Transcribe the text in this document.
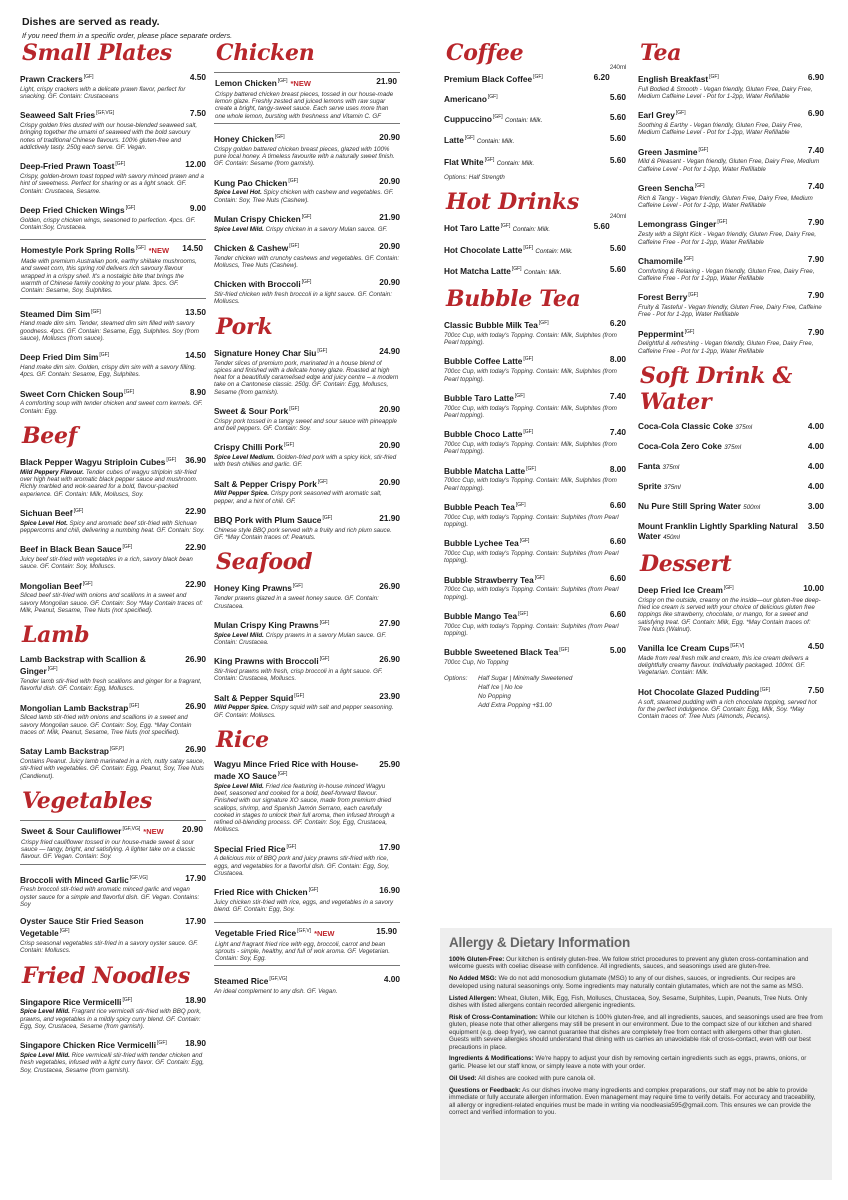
Dishes are served as ready.
If you need them in a specific order, please place separate orders.
Small Plates
Prawn Crackers[GF]	4.50
Light, crispy crackers with a delicate prawn flavor, perfect for snacking. GF. Contain: Crustaceans
Seaweed Salt Fries[GF,VG]	7.50
Crispy golden fries dusted with our house-blended seaweed salt, bringing together the umami of seaweed with the bold savoury notes of traditional Chinese flavours. 100% gluten-free and addictively tasty. 250g each serve. GF. Vegan.
Deep-Fried Prawn Toast[GF]	12.00
Crispy, golden-brown toast topped with savory minced prawn and a hint of sweetness. Perfect for sharing or as a light snack. GF. Contain: Crustacea, Sesame.
Deep Fried Chicken Wings[GF]	9.00
Golden, crispy chicken wings, seasoned to perfection. 4pcs. GF. Contain:Soy, Crustacea.
Homestyle Pork Spring Rolls[GF] *NEW	14.50
Made with premium Australian pork, earthy shiitake mushrooms, and sweet corn, this spring roll delivers rich savoury flavour wrapped in a crispy shell. It's a nostalgic bite that brings the warmth of Chinese family cooking to your plate. 3pcs. GF. Contain: Sesame, Soy, Sulphites.
Steamed Dim Sim[GF]	13.50
Hand made dim sim. Tender, steamed dim sim filled with savory goodness. 4pcs. GF. Contain: Sesame, Egg, Sulphites. Soy (from sauce), Molluscs (from sauce).
Deep Fried Dim Sim[GF]	14.50
Hand make dim sim. Golden, crispy dim sim with a savory filling. 4pcs. GF. Contain: Sesame, Egg, Sulphites.
Sweet Corn Chicken Soup[GF]	8.90
A comforting soup with tender chicken and sweet corn kernels. GF. Contain: Egg.
Beef
Black Pepper Wagyu Striploin Cubes[GF]	36.90
Mild Peppery Flavour. Tender cubes of wagyu striploin stir-fried over high heat with aromatic black pepper sauce and mushroom. Richly marbled and wok-seared for a bold, flavour-packed experience. GF. Contain: Milk, Molluscs, Soy.
Sichuan Beef[GF]	22.90
Spice Level Hot. Spicy and aromatic beef stir-fried with Sichuan peppercorns and chili, delivering a numbing heat. GF. Contain: Soy.
Beef in Black Bean Sauce[GF]	22.90
Juicy beef stir-fried with vegetables in a rich, savory black bean sauce. GF. Contain: Soy, Molluscs.
Mongolian Beef[GF]	22.90
Sliced beef stir-fried with onions and scallions in a sweet and savory Mongolian sauce. GF. Contain: Soy *May Contain traces of: Milk, Peanut, Sesame, Tree Nuts (not specified).
Lamb
Lamb Backstrap with Scallion & Ginger[GF]
26.90
Tender lamb stir-fried with fresh scallions and ginger for a fragrant, flavorful dish. GF. Contain: Egg, Molluscs.
Mongolian Lamb Backstrap[GF]	26.90
Sliced lamb stir-fried with onions and scallions in a sweet and savory Mongolian sauce. GF. Contain: Soy, Egg. *May Contain traces of: Milk, Peanut, Sesame, Tree Nuts (not specified).
Satay Lamb Backstrap[GF,P]	26.90
Contains Peanut. Juicy lamb marinated in a rich, nutty satay sauce, stir-fried with vegetables. GF. Contain: Egg, Peanut, Soy, Tree Nuts (Candlenut).
Vegetables
Sweet & Sour Cauliflower[GF,VG] *NEW	20.90
Crispy fried cauliflower tossed in our house-made sweet & sour sauce — tangy, bright, and satisfying. A lighter take on a classic flavour. GF. Vegan. Contain: Soy.
Broccoli with Minced Garlic[GF,VG]	17.90
Fresh broccoli stir-fried with aromatic minced garlic and vegan oyster sauce for a simple and flavorful dish. GF. Vegan. Contains: Soy
Oyster Sauce Stir Fried Season Vegetable[GF]
17.90
Crisp seasonal vegetables stir-fried in a savory oyster sauce. GF. Contain: Molluscs.
Fried Noodles
Singapore Rice Vermicelli[GF]	18.90
Spice Level Mild. Fragrant rice vermicelli stir-fried with BBQ pork, prawns, and vegetables in a mildly spicy curry blend. GF. Contain: Egg, Soy, Crustacea, Sesame (from garnish).
Singapore Chicken Rice Vermicelli[GF]	18.90
Spice Level Mild. Rice vermicelli stir-fried with tender chicken and fresh vegetables, infused with a light curry flavor. GF. Contain: Egg, Soy, Crustacea, Sesame (from garnish).
Chicken
Lemon Chicken[GF] *NEW	21.90
Crispy battered chicken breast pieces, tossed in our house-made lemon glaze. Freshly zested and juiced lemons with raw sugar create a bright, tangy-sweet sauce. Each serve uses more than one whole lemon, bursting with freshness and Vitamin C. GF
Honey Chicken[GF]	20.90
Crispy golden battered chicken breast pieces, glazed with 100% pure local honey. A timeless favourite with a naturally sweet finish. GF. Contain: Sesame (from garnish).
Kung Pao Chicken[GF]	20.90
Spice Level Hot. Spicy chicken with cashew and vegetables. GF. Contain: Soy, Tree Nuts (Cashew).
Mulan Crispy Chicken[GF]	21.90
Spice Level Mild. Crispy chicken in a savory Mulan sauce. GF.
Chicken & Cashew[GF]	20.90
Tender chicken with crunchy cashews and vegetables. GF. Contain: Molluscs, Tree Nuts (Cashew).
Chicken with Broccoli[GF]	20.90
Stir-fried chicken with fresh broccoli in a light sauce. GF. Contain: Molluscs.
Pork
Signature Honey Char Siu[GF]	24.90
Tender slices of premium pork, marinated in a house blend of spices and finished with a delicate honey glaze. Roasted at high heat for a beautifully caramelised edge and juicy centre – a modern take on a Cantonese classic. 250g. GF. Contain: Egg, Molluscs, Sesame (from garnish).
Sweet & Sour Pork[GF]	20.90
Crispy pork tossed in a tangy sweet and sour sauce with pineapple and bell peppers. GF. Contain: Soy.
Crispy Chilli Pork[GF]	20.90
Spice Level Medium. Golden-fried pork with a spicy kick, stir-fried with fresh chillies and garlic. GF.
Salt & Pepper Crispy Pork[GF]	20.90
Mild Pepper Spice. Crispy pork seasoned with aromatic salt, pepper, and a hint of chili. GF.
BBQ Pork with Plum Sauce[GF]	21.90
Chinese style BBQ pork served with a fruity and rich plum sauce. GF. *May Contain traces of: Peanuts.
Seafood
Honey King Prawns[GF]	26.90
Tender prawns glazed in a sweet honey sauce. GF. Contain: Crustacea.
Mulan Crispy King Prawns[GF]	27.90
Spice Level Mild. Crispy prawns in a savory Mulan sauce. GF. Contain: Crustacea.
King Prawns with Broccoli[GF]	26.90
Stir-fried prawns with fresh, crisp broccoli in a light sauce. GF. Contain: Crustacea, Molluscs.
Salt & Pepper Squid[GF]	23.90
Mild Pepper Spice. Crispy squid with salt and pepper seasoning. GF. Contain: Molluscs.
Rice
Wagyu Mince Fried Rice with House-made XO Sauce[GF]
25.90
Spice Level Mild. Fried rice featuring in-house minced Wagyu beef, seasoned and cooked for a bold, beef-forward flavour. Finished with our signature XO sauce, made from premium dried scallops, shrimp, and Spanish Jamón Serrano, each carefully cooked in stages to unlock their full aroma, then infused through a refined oil-blending process. GF. Contain: Soy, Egg, Crustacea, Molluscs.
Special Fried Rice[GF]	17.90
A delicious mix of BBQ pork and juicy prawns stir-fried with rice, eggs, and vegetables for a flavorful dish. GF. Contain: Egg, Soy, Crustacea.
Fried Rice with Chicken[GF]	16.90
Juicy chicken stir-fried with rice, eggs, and vegetables in a savory blend. GF. Contain: Egg, Soy.
Vegetable Fried Rice[GF,V] *NEW	15.90
Light and fragrant fried rice with egg, broccoli, carrot and bean sprouts - simple, healthy, and full of wok aroma. GF. Vegetarian. Contain: Soy, Egg.
Steamed Rice[GF,VG]	4.00
An ideal complement to any dish. GF. Vegan.
Coffee
240ml
Premium Black Coffee[GF]	6.20
Americano[GF]	5.60
Cuppuccino[GF] Contain: Milk.	5.60
Latte[GF] Contain: Milk.	5.60
Flat White[GF] Contain: Milk.	5.60
Options: Half Strength
Hot Drinks
240ml
Hot Taro Latte[GF] Contain: Milk.	5.60
Hot Chocolate Latte[GF] Contain: Milk.	5.60
Hot Matcha Latte[GF] Contain: Milk.	5.60
Bubble Tea
Classic Bubble Milk Tea[GF]	6.20
700cc Cup, with today's Topping. Contain: Milk, Sulphites (from Pearl topping).
Bubble Coffee Latte[GF]	8.00
700cc Cup, with today's Topping. Contain: Milk, Sulphites (from Pearl topping).
Bubble Taro Latte[GF]	7.40
700cc Cup, with today's Topping. Contain: Milk, Sulphites (from Pearl topping).
Bubble Choco Latte[GF]	7.40
700cc Cup, with today's Topping. Contain: Milk, Sulphites (from Pearl topping).
Bubble Matcha Latte[GF]	8.00
700cc Cup, with today's Topping. Contain: Milk, Sulphites (from Pearl topping).
Bubble Peach Tea[GF]	6.60
700cc Cup, with today's Topping. Contain: Sulphites (from Pearl topping).
Bubble Lychee Tea[GF]	6.60
700cc Cup, with today's Topping. Contain: Sulphites (from Pearl topping).
Bubble Strawberry Tea[GF]	6.60
700cc Cup, with today's Topping. Contain: Sulphites (from Pearl topping).
Bubble Mango Tea[GF]	6.60
700cc Cup, with today's Topping. Contain: Sulphites (from Pearl topping).
Bubble Sweetened Black Tea[GF]	5.00
700cc Cup, No Topping
Options:	Half Sugar | Minimally Sweetened
Half Ice | No Ice
No Popping
Add Extra Popping +$1.00
Tea
English Breakfast[GF]	6.90
Full Bodied & Smooth - Vegan friendly, Gluten Free, Dairy Free, Medium Caffeine Level - Pot for 1-2pp, Water Refillable
Earl Grey[GF]	6.90
Soothing & Earthy - Vegan friendly, Gluten Free, Dairy Free, Medium Caffeine Level - Pot for 1-2pp, Water Refillable
Green Jasmine[GF]	7.40
Mild & Pleasant - Vegan friendly, Gluten Free, Dairy Free, Medium Caffeine Level - Pot for 1-2pp, Water Refillable
Green Sencha[GF]	7.40
Rich & Tangy - Vegan friendly, Gluten Free, Dairy Free, Medium Caffeine Level - Pot for 1-2pp, Water Refillable
Lemongrass Ginger[GF]	7.90
Zesty with a Slight Kick - Vegan friendly, Gluten Free, Dairy Free, Caffeine Free - Pot for 1-2pp, Water Refillable
Chamomile[GF]	7.90
Comforting & Relaxing - Vegan friendly, Gluten Free, Dairy Free, Caffeine Free - Pot for 1-2pp, Water Refillable
Forest Berry[GF]	7.90
Fruity & Tasteful - Vegan friendly, Gluten Free, Dairy Free, Caffeine Free - Pot for 1-2pp, Water Refillable
Peppermint[GF]	7.90
Delightful & refreshing - Vegan friendly, Gluten Free, Dairy Free, Caffeine Free - Pot for 1-2pp, Water Refillable
Soft Drink & Water
Coca-Cola Classic Coke 375ml	4.00
Coca-Cola Zero Coke 375ml	4.00
Fanta 375ml	4.00
Sprite 375ml	4.00
Nu Pure Still Spring Water 500ml	3.00
Mount Franklin Lightly Sparkling Natural Water 450ml
3.50
Dessert
Deep Fried Ice Cream[GF]	10.00
Crispy on the outside, creamy on the inside—our gluten-free deep-fried ice cream is served with your choice of delicious gluten free toppings like strawberry, chocolate, or mango, for a sweet and satisfying treat. GF. Contain: Milk, Egg. *May Contain traces of: Tree Nuts (Walnut).
Vanilla Ice Cream Cups[GF,V]	4.50
Made from real fresh milk and cream, this ice cream delivers a delightfully creamy flavour. Individually packaged. 100ml. GF. Vegetarian. Contain: Milk.
Hot Chocolate Glazed Pudding[GF]	7.50
A soft, steamed pudding with a rich chocolate topping, served hot for the perfect indulgence. GF. Contain: Egg, Milk, Soy. *May Contain traces of: Tree Nuts (Almonds, Pecans).
Allergy & Dietary Information

100% Gluten-Free: Our kitchen is entirely gluten-free. We follow strict procedures to prevent any gluten cross-contamination and welcome guests with coeliac disease with confidence. All ingredients, sauces, and seasonings used are gluten-free.

No Added MSG: We do not add monosodium glutamate (MSG) to any of our dishes, sauces, or ingredients. Our recipes are developed using natural seasonings only. Some ingredients may naturally contain glutamates, which are not the same as MSG.

Listed Allergen: Wheat, Gluten, Milk, Egg, Fish, Molluscs, Chustacea, Soy, Sesame, Sulphites, Lupin, Peanuts, Tree Nuts. Only dishes with listed allergens contain recorded allergenic ingredients.

Risk of Cross-Contamination: While our kitchen is 100% gluten-free, and all ingredients, sauces, and seasonings used are free from gluten, please note that other allergens may still be present in our environment. Due to the compact size of our kitchen and shared equipment (e.g. deep fryer), we cannot guarantee that dishes are completely free from contact with allergens other than gluten. Guests with severe allergies should understand that dining with us carries an unavoidable risk of cross-contact, even with our best precautions in place.

Ingredients & Modifications: We're happy to adjust your dish by removing certain ingredients such as eggs, prawns, onions, or garlic. Please let our staff know, or simply leave a note with your order.

Oil Used: All dishes are cooked with pure canola oil.

Questions or Feedback: As our dishes involve many ingredients and complex preparations, our staff may not be able to provide immediate or fully accurate allergen information. Even management may require time to verify details. For accuracy and traceability, all allergy or ingredient-related enquiries must be made in writing via noodleasia595@gmail.com. This ensures we can provide the correct and verified information to you.
